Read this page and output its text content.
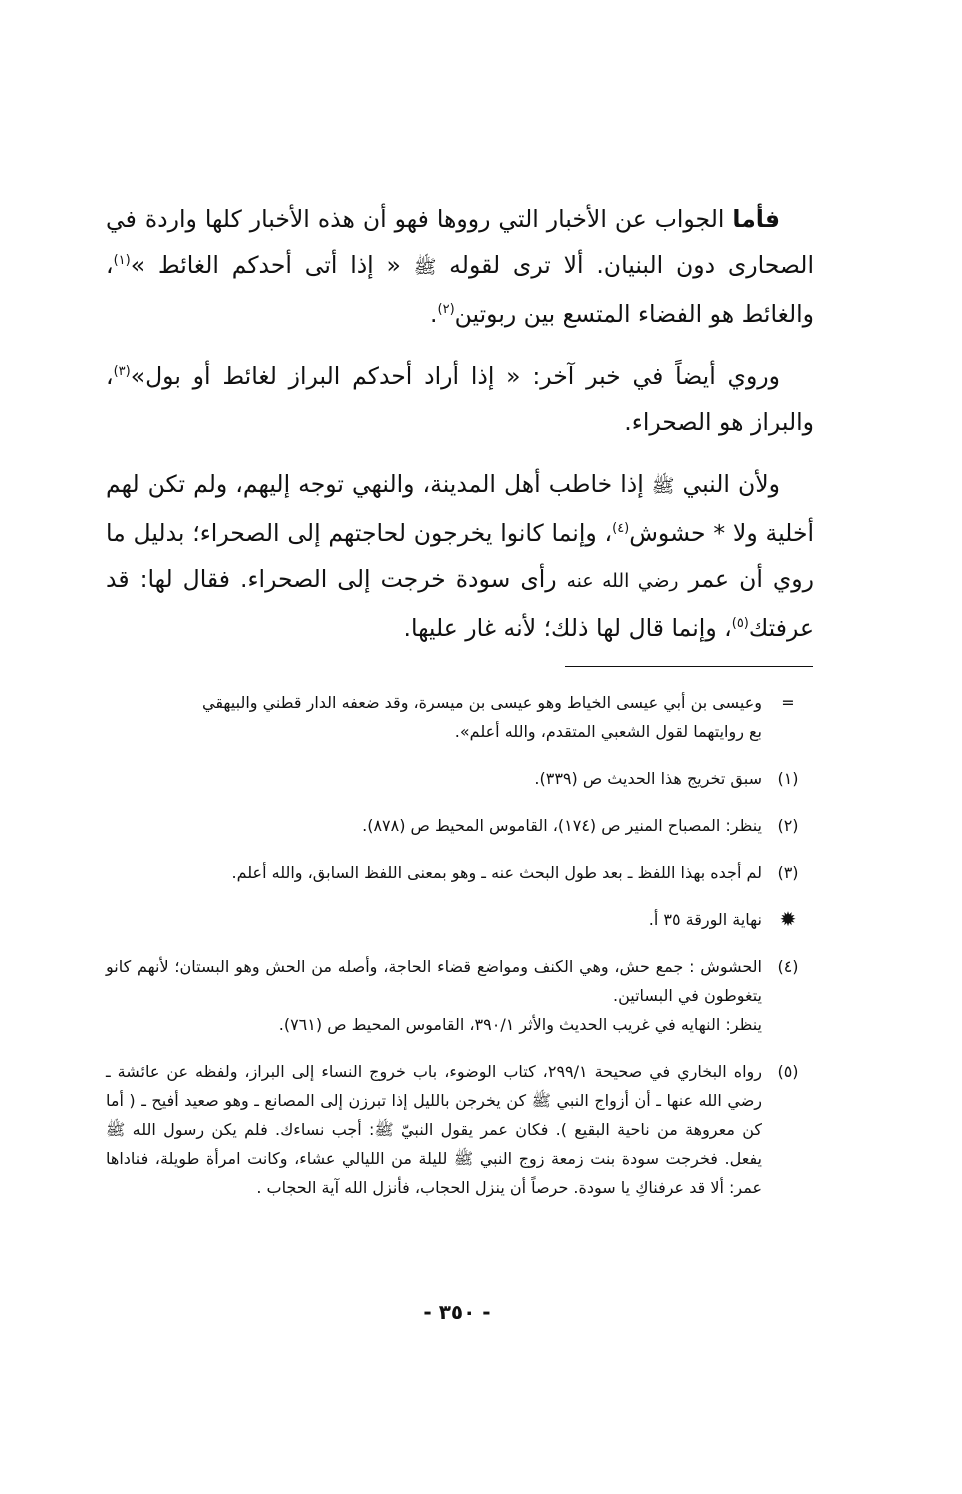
فأما الجواب عن الأخبار التي رووها فهو أن هذه الأخبار كلها واردة في الصحارى دون البنيان. ألا ترى لقوله ﷺ « إذا أتى أحدكم الغائط »$^{(١)}$، والغائط هو الفضاء المتسع بين ربوتين$^{(٢)}$.

وروي أيضاً في خبر آخر: « إذا أراد أحدكم البراز لغائط أو بول»$^{(٣)}$، والبراز هو الصحراء.

ولأن النبي ﷺ إذا خاطب أهل المدينة، والنهي توجه إليهم، ولم تكن لهم أخلية ولا * حشوش$^{(٤)}$، وإنما كانوا يخرجون لحاجتهم إلى الصحراء؛ بدليل ما روي أن عمر رضي الله عنه رأى سودة خرجت إلى الصحراء. فقال لها: قد عرفتك$^{(٥)}$، وإنما قال لها ذلك؛ لأنه غار عليها.

=
وعيسى بن أبي عيسى الخياط وهو عيسى بن ميسرة، وقد ضعفه الدار قطني والبيهقي
بع روايتهما لقول الشعبي المتقدم، والله أعلم».
(١)
سبق تخريج هذا الحديث ص (٣٣٩).
(٢)
ينظر: المصباح المنير ص (١٧٤)، القاموس المحيط ص (٨٧٨).
(٣)
لم أجده بهذا اللفظ ـ بعد طول البحث عنه ـ وهو بمعنى اللفظ السابق، والله أعلم.
✹
نهاية الورقة ٣٥ أ.
(٤)
الحشوش : جمع حش، وهي الكنف ومواضع قضاء الحاجة، وأصله من الحش وهو البستان؛ لأنهم كانو يتغوطون في البساتين.
ينظر: النهايه في غريب الحديث والأثر ٣٩٠/١، القاموس المحيط ص (٧٦١).
(٥)
رواه البخاري في صحيحة ٢٩٩/١، كتاب الوضوء، باب خروج النساء إلى البراز، ولفظه عن عائشة ـ رضي الله عنها ـ أن أزواج النبي ﷺ كن يخرجن بالليل إذا تبرزن إلى المصانع ـ وهو صعيد أفيح ـ ( أما كن معروهة من ناحية البقيع ). فكان عمر يقول النبيّ ﷺ: أجب نساءك. فلم يكن رسول الله ﷺ يفعل. فخرجت سودة بنت زمعة زوج النبي ﷺ لليلة من الليالي عشاء، وكانت امرأة طويلة، فناداها عمر: ألا قد عرفناكِ يا سودة. حرصاً أن ينزل الحجاب، فأنزل الله آية الحجاب .
- ٣٥٠ -
